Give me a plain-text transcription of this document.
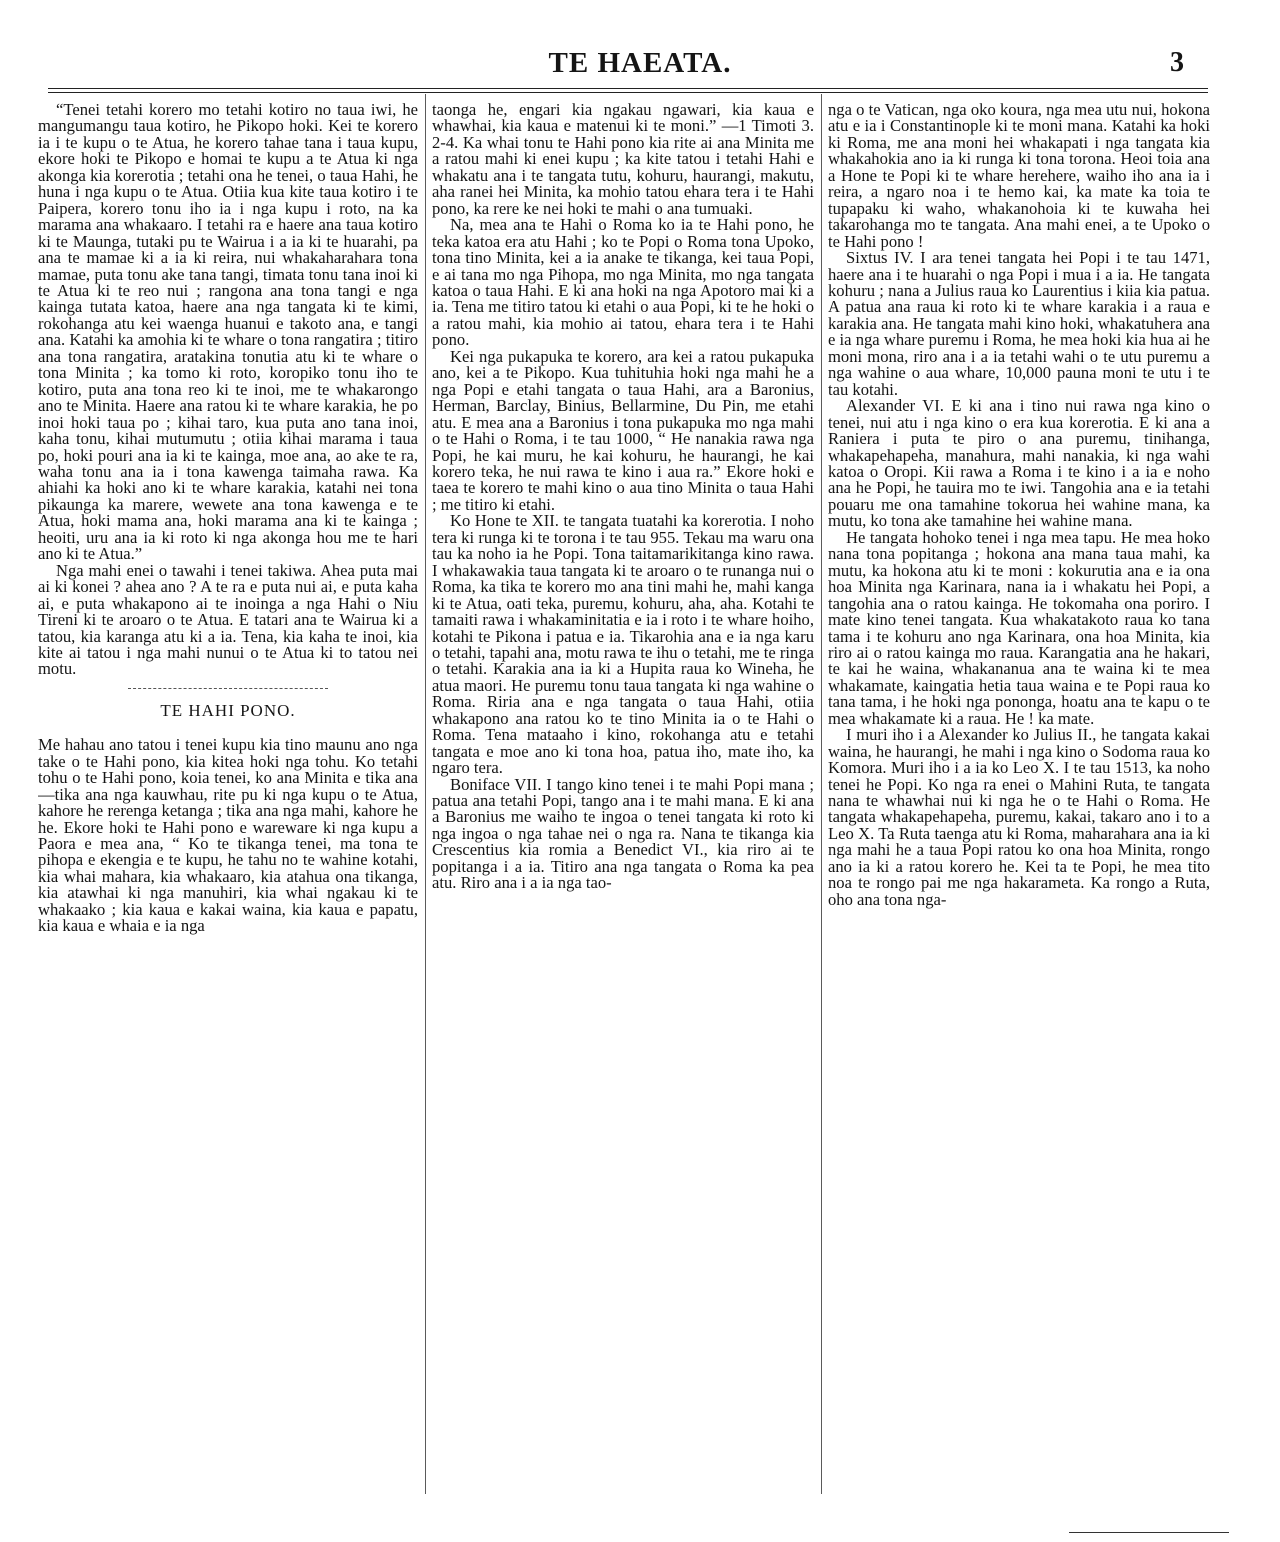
TE HAEATA.	3

“Tenei tetahi korero mo tetahi kotiro no taua iwi, he mangumangu taua kotiro, he Pikopo hoki. Kei te korero ia i te kupu o te Atua, he korero tahae tana i taua kupu, ekore hoki te Pikopo e homai te kupu a te Atua ki nga akonga kia korerotia ; tetahi ona he tenei, o taua Hahi, he huna i nga kupu o te Atua. Otiia kua kite taua kotiro i te Paipera, korero tonu iho ia i nga kupu i roto, na ka marama ana whakaaro. I tetahi ra e haere ana taua kotiro ki te Maunga, tutaki pu te Wairua i a ia ki te huarahi, pa ana te mamae ki a ia ki reira, nui whakaharahara tona mamae, puta tonu ake tana tangi, timata tonu tana inoi ki te Atua ki te reo nui ; rangona ana tona tangi e nga kainga tutata katoa, haere ana nga tangata ki te kimi, rokohanga atu kei waenga huanui e takoto ana, e tangi ana. Katahi ka amohia ki te whare o tona rangatira ; titiro ana tona rangatira, aratakina tonutia atu ki te whare o tona Minita ; ka tomo ki roto, koropiko tonu iho te kotiro, puta ana tona reo ki te inoi, me te whakarongo ano te Minita. Haere ana ratou ki te whare karakia, he po inoi hoki taua po ; kihai taro, kua puta ano tana inoi, kaha tonu, kihai mutumutu ; otiia kihai marama i taua po, hoki pouri ana ia ki te kainga, moe ana, ao ake te ra, waha tonu ana ia i tona kawenga taimaha rawa. Ka ahiahi ka hoki ano ki te whare karakia, katahi nei tona pikaunga ka marere, wewete ana tona kawenga e te Atua, hoki mama ana, hoki marama ana ki te kainga ; heoiti, uru ana ia ki roto ki nga akonga hou me te hari ano ki te Atua.”

Nga mahi enei o tawahi i tenei takiwa. Ahea puta mai ai ki konei ? ahea ano ? A te ra e puta nui ai, e puta kaha ai, e puta whakapono ai te inoinga a nga Hahi o Niu Tireni ki te aroaro o te Atua. E tatari ana te Wairua ki a tatou, kia karanga atu ki a ia. Tena, kia kaha te inoi, kia kite ai tatou i nga mahi nunui o te Atua ki to tatou nei motu.

TE HAHI PONO.

Me hahau ano tatou i tenei kupu kia tino maunu ano nga take o te Hahi pono, kia kitea hoki nga tohu. Ko tetahi tohu o te Hahi pono, koia tenei, ko ana Minita e tika ana—tika ana nga kauwhau, rite pu ki nga kupu o te Atua, kahore he rerenga ketanga ; tika ana nga mahi, kahore he he. Ekore hoki te Hahi pono e wareware ki nga kupu a Paora e mea ana, “ Ko te tikanga tenei, ma tona te pihopa e ekengia e te kupu, he tahu no te wahine kotahi, kia whai mahara, kia whakaaro, kia atahua ona tikanga, kia atawhai ki nga manuhiri, kia whai ngakau ki te whakaako ; kia kaua e kakai waina, kia kaua e papatu, kia kaua e whaia e ia nga

taonga he, engari kia ngakau ngawari, kia kaua e whawhai, kia kaua e matenui ki te moni.” —1 Timoti 3. 2-4. Ka whai tonu te Hahi pono kia rite ai ana Minita me a ratou mahi ki enei kupu ; ka kite tatou i tetahi Hahi e whakatu ana i te tangata tutu, kohuru, haurangi, makutu, aha ranei hei Minita, ka mohio tatou ehara tera i te Hahi pono, ka rere ke nei hoki te mahi o ana tumuaki.

Na, mea ana te Hahi o Roma ko ia te Hahi pono, he teka katoa era atu Hahi ; ko te Popi o Roma tona Upoko, tona tino Minita, kei a ia anake te tikanga, kei taua Popi, e ai tana mo nga Pihopa, mo nga Minita, mo nga tangata katoa o taua Hahi. E ki ana hoki na nga Apotoro mai ki a ia. Tena me titiro tatou ki etahi o aua Popi, ki te he hoki o a ratou mahi, kia mohio ai tatou, ehara tera i te Hahi pono.

Kei nga pukapuka te korero, ara kei a ratou pukapuka ano, kei a te Pikopo. Kua tuhituhia hoki nga mahi he a nga Popi e etahi tangata o taua Hahi, ara a Baronius, Herman, Barclay, Binius, Bellarmine, Du Pin, me etahi atu. E mea ana a Baronius i tona pukapuka mo nga mahi o te Hahi o Roma, i te tau 1000, “ He nanakia rawa nga Popi, he kai muru, he kai kohuru, he haurangi, he kai korero teka, he nui rawa te kino i aua ra.” Ekore hoki e taea te korero te mahi kino o aua tino Minita o taua Hahi ; me titiro ki etahi.

Ko Hone te XII. te tangata tuatahi ka korerotia. I noho tera ki runga ki te torona i te tau 955. Tekau ma waru ona tau ka noho ia he Popi. Tona taitamarikitanga kino rawa. I whakawakia taua tangata ki te aroaro o te runanga nui o Roma, ka tika te korero mo ana tini mahi he, mahi kanga ki te Atua, oati teka, puremu, kohuru, aha, aha. Kotahi te tamaiti rawa i whakaminitatia e ia i roto i te whare hoiho, kotahi te Pikona i patua e ia. Tikarohia ana e ia nga karu o tetahi, tapahi ana, motu rawa te ihu o tetahi, me te ringa o tetahi. Karakia ana ia ki a Hupita raua ko Wineha, he atua maori. He puremu tonu taua tangata ki nga wahine o Roma. Riria ana e nga tangata o taua Hahi, otiia whakapono ana ratou ko te tino Minita ia o te Hahi o Roma. Tena mataaho i kino, rokohanga atu e tetahi tangata e moe ano ki tona hoa, patua iho, mate iho, ka ngaro tera.

Boniface VII. I tango kino tenei i te mahi Popi mana ; patua ana tetahi Popi, tango ana i te mahi mana. E ki ana a Baronius me waiho te ingoa o tenei tangata ki roto ki nga ingoa o nga tahae nei o nga ra. Nana te tikanga kia Crescentius kia romia a Benedict VI., kia riro ai te popitanga i a ia. Titiro ana nga tangata o Roma ka pea atu. Riro ana i a ia nga tao-

nga o te Vatican, nga oko koura, nga mea utu nui, hokona atu e ia i Constantinople ki te moni mana. Katahi ka hoki ki Roma, me ana moni hei whakapati i nga tangata kia whakahokia ano ia ki runga ki tona torona. Heoi toia ana a Hone te Popi ki te whare herehere, waiho iho ana ia i reira, a ngaro noa i te hemo kai, ka mate ka toia te tupapaku ki waho, whakanohoia ki te kuwaha hei takarohanga mo te tangata. Ana mahi enei, a te Upoko o te Hahi pono !

Sixtus IV. I ara tenei tangata hei Popi i te tau 1471, haere ana i te huarahi o nga Popi i mua i a ia. He tangata kohuru ; nana a Julius raua ko Laurentius i kiia kia patua. A patua ana raua ki roto ki te whare karakia i a raua e karakia ana. He tangata mahi kino hoki, whakatuhera ana e ia nga whare puremu i Roma, he mea hoki kia hua ai he moni mona, riro ana i a ia tetahi wahi o te utu puremu a nga wahine o aua whare, 10,000 pauna moni te utu i te tau kotahi.

Alexander VI. E ki ana i tino nui rawa nga kino o tenei, nui atu i nga kino o era kua korerotia. E ki ana a Raniera i puta te piro o ana puremu, tinihanga, whakapehapeha, manahura, mahi nanakia, ki nga wahi katoa o Oropi. Kii rawa a Roma i te kino i a ia e noho ana he Popi, he tauira mo te iwi. Tangohia ana e ia tetahi pouaru me ona tamahine tokorua hei wahine mana, ka mutu, ko tona ake tamahine hei wahine mana.

He tangata hohoko tenei i nga mea tapu. He mea hoko nana tona popitanga ; hokona ana mana taua mahi, ka mutu, ka hokona atu ki te moni : kokurutia ana e ia ona hoa Minita nga Karinara, nana ia i whakatu hei Popi, a tangohia ana o ratou kainga. He tokomaha ona poriro. I mate kino tenei tangata. Kua whakatakoto raua ko tana tama i te kohuru ano nga Karinara, ona hoa Minita, kia riro ai o ratou kainga mo raua. Karangatia ana he hakari, te kai he waina, whakananua ana te waina ki te mea whakamate, kaingatia hetia taua waina e te Popi raua ko tana tama, i he hoki nga pononga, hoatu ana te kapu o te mea whakamate ki a raua. He ! ka mate.

I muri iho i a Alexander ko Julius II., he tangata kakai waina, he haurangi, he mahi i nga kino o Sodoma raua ko Komora. Muri iho i a ia ko Leo X. I te tau 1513, ka noho tenei he Popi. Ko nga ra enei o Mahini Ruta, te tangata nana te whawhai nui ki nga he o te Hahi o Roma. He tangata whakapehapeha, puremu, kakai, takaro ano i to a Leo X. Ta Ruta taenga atu ki Roma, maharahara ana ia ki nga mahi he a taua Popi ratou ko ona hoa Minita, rongo ano ia ki a ratou korero he. Kei ta te Popi, he mea tito noa te rongo pai me nga hakarameta. Ka rongo a Ruta, oho ana tona nga-
